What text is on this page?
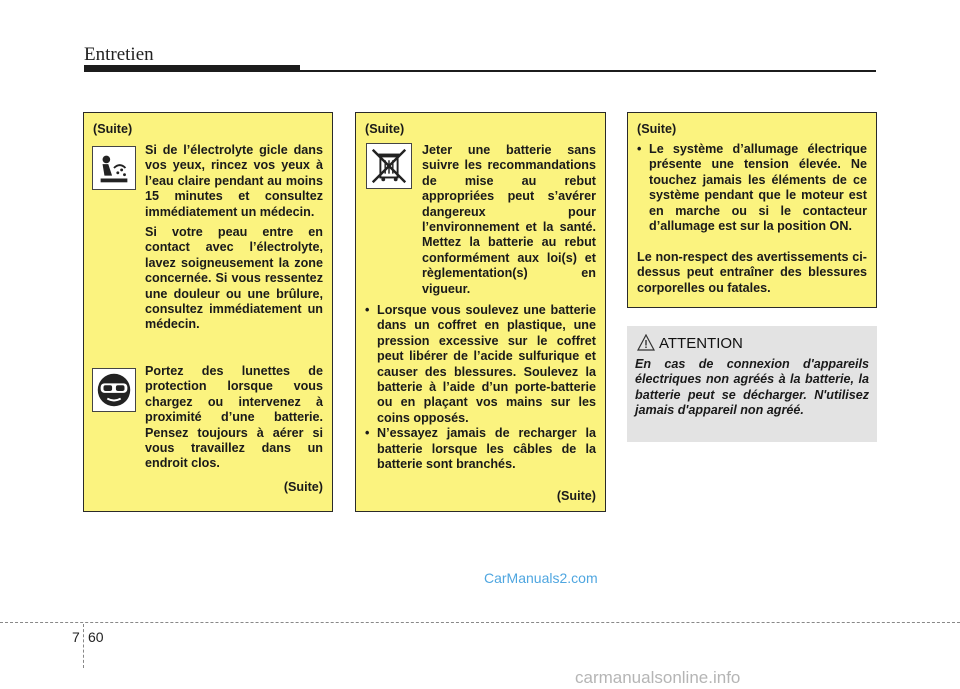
Entretien
(Suite)

Si de l’électrolyte gicle dans vos yeux, rincez vos yeux à l’eau claire pendant au moins 15 minutes et consultez immédiatement un médecin.

Si votre peau entre en contact avec l’électrolyte, lavez soigneusement la zone concernée. Si vous ressentez une douleur ou une brûlure, consultez immédiatement un médecin.

Portez des lunettes de protection lorsque vous chargez ou intervenez à proximité d’une batterie. Pensez toujours à aérer si vous travaillez dans un endroit clos.
(Suite)
(Suite)
Jeter une batterie sans suivre les recommandations de mise au rebut appropriées peut s’avérer dangereux pour l’environnement et la santé. Mettez la batterie au rebut conformément aux loi(s) et règlementation(s) en vigueur.
• Lorsque vous soulevez une batterie dans un coffret en plastique, une pression excessive sur le coffret peut libérer de l’acide sulfurique et causer des blessures. Soulevez la batterie à l’aide d’un porte-batterie ou en plaçant vos mains sur les coins opposés.
• N’essayez jamais de recharger la batterie lorsque les câbles de la batterie sont branchés.
(Suite)
(Suite)
• Le système d’allumage électrique présente une tension élevée. Ne touchez jamais les éléments de ce système pendant que le moteur est en marche ou si le contacteur d’allumage est sur la position ON.
Le non-respect des avertissements ci-dessus peut entraîner des blessures corporelles ou fatales.
ATTENTION
En cas de connexion d'appareils électriques non agréés à la batterie, la batterie peut se décharger. N'utilisez jamais d'appareil non agréé.
CarManuals2.com
7 60
carmanualsonline.info
